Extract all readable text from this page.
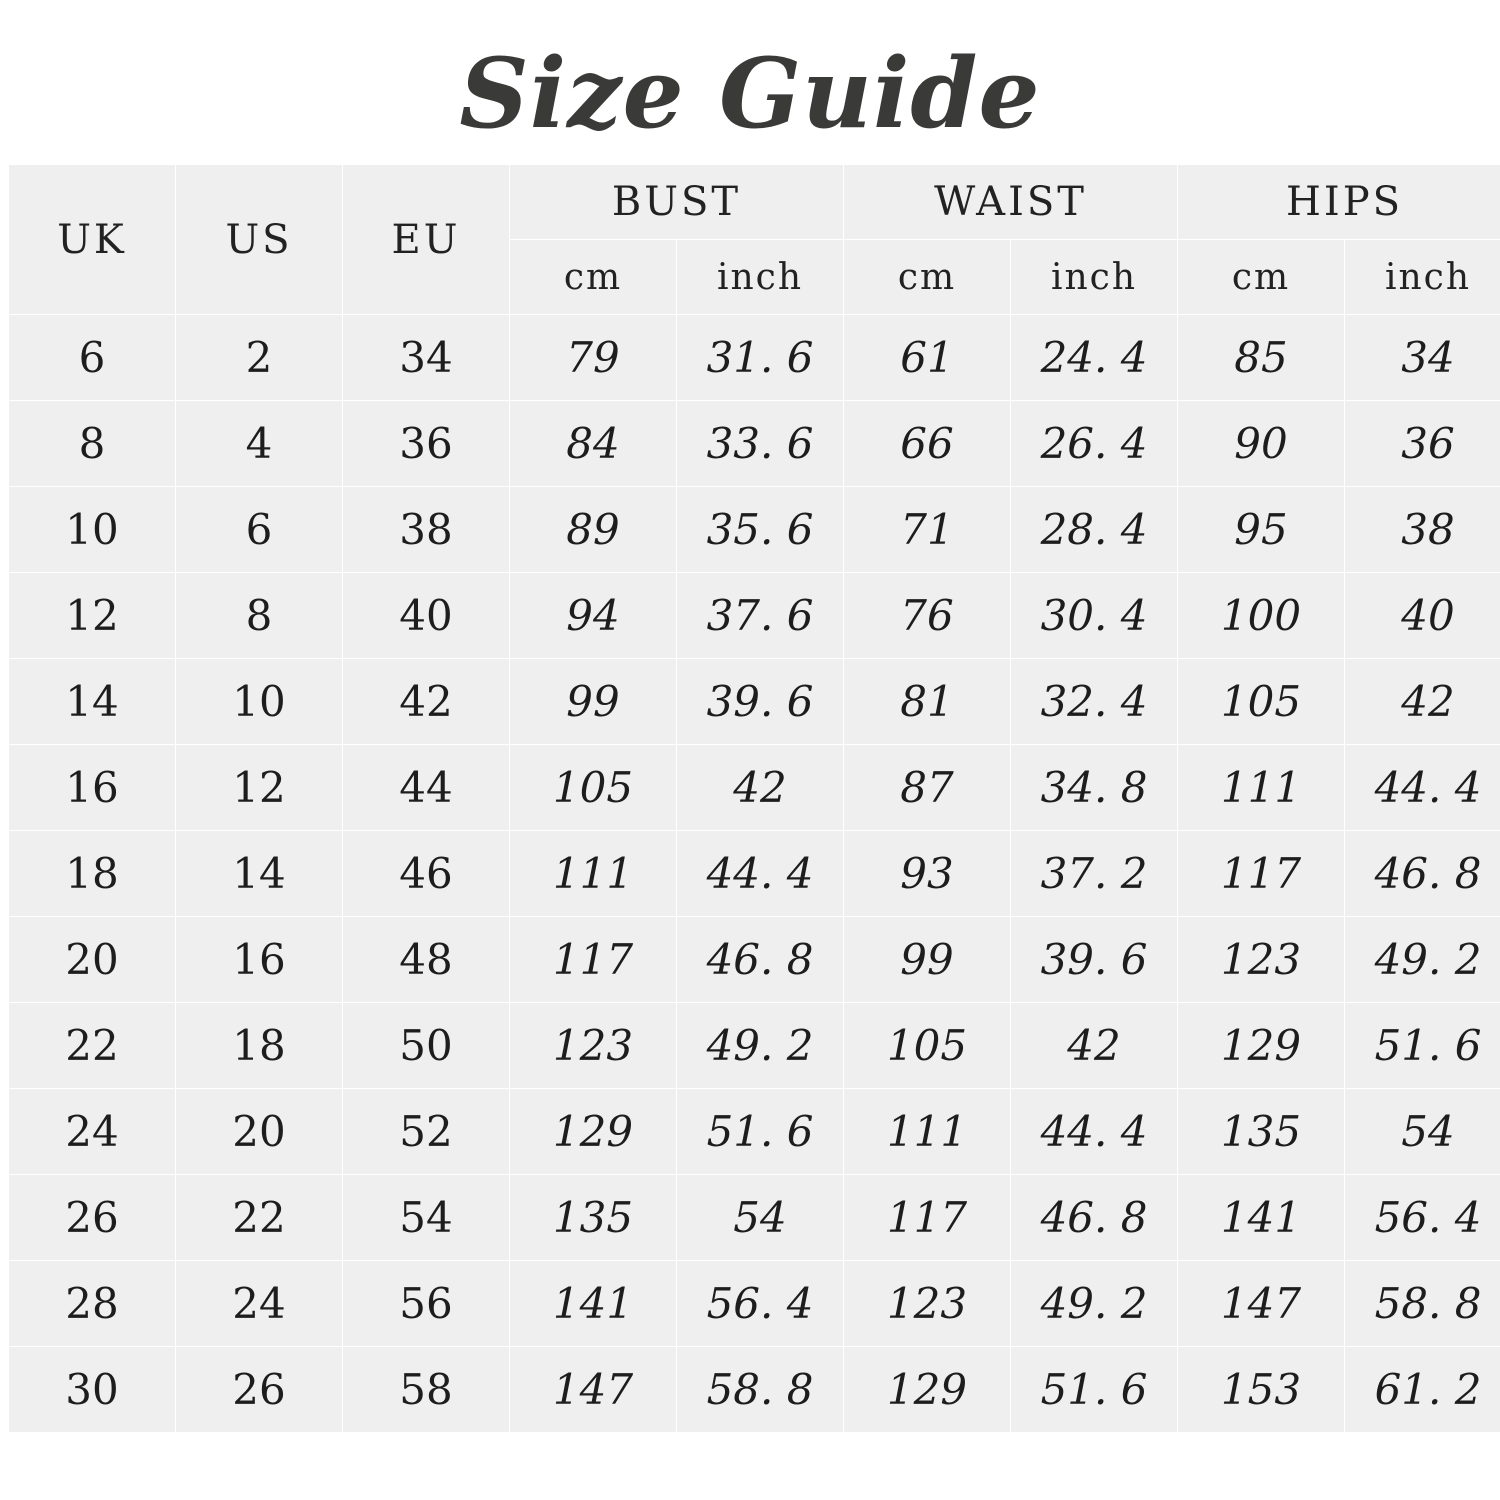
Size Guide
UK	US	EU	BUST		WAIST		HIPS	
			cm	inch	cm	inch	cm	inch
6	2	34	79	31. 6	61	24. 4	85	34
8	4	36	84	33. 6	66	26. 4	90	36
10	6	38	89	35. 6	71	28. 4	95	38
12	8	40	94	37. 6	76	30. 4	100	40
14	10	42	99	39. 6	81	32. 4	105	42
16	12	44	105	42	87	34. 8	111	44. 4
18	14	46	111	44. 4	93	37. 2	117	46. 8
20	16	48	117	46. 8	99	39. 6	123	49. 2
22	18	50	123	49. 2	105	42	129	51. 6
24	20	52	129	51. 6	111	44. 4	135	54
26	22	54	135	54	117	46. 8	141	56. 4
28	24	56	141	56. 4	123	49. 2	147	58. 8
30	26	58	147	58. 8	129	51. 6	153	61. 2
